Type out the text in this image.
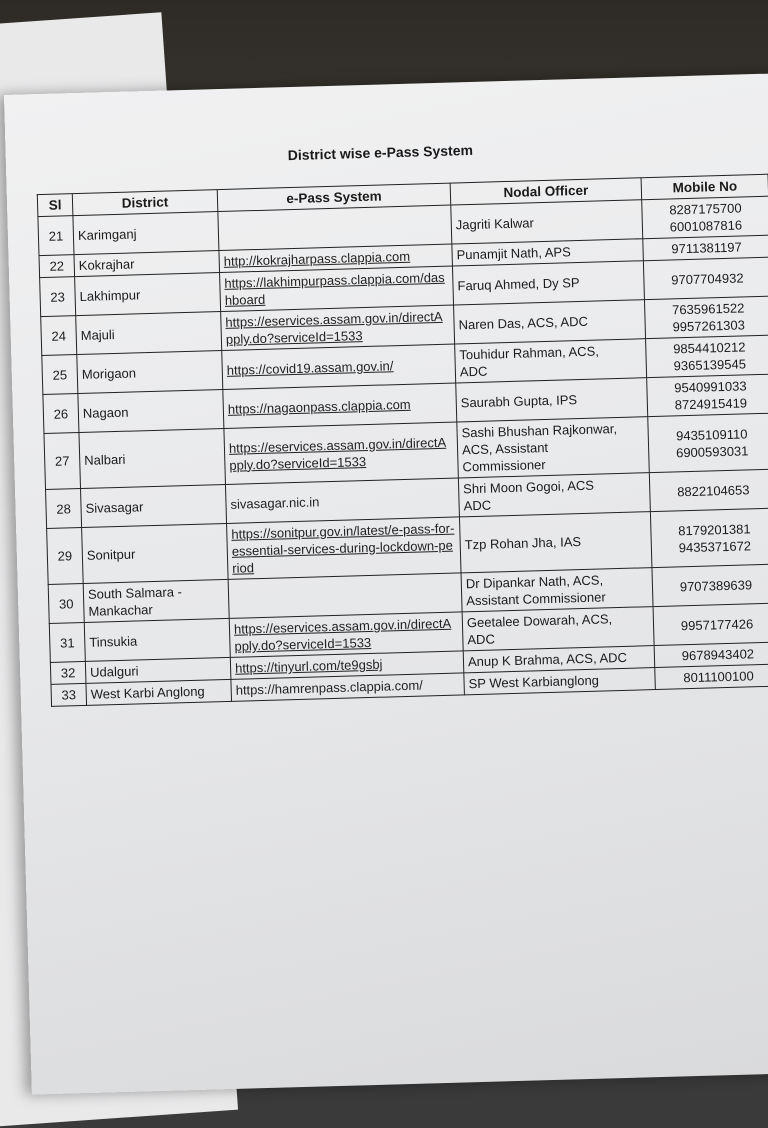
District wise e-Pass System
Sl	District	e-Pass System	Nodal Officer	Mobile No
21	Karimganj		Jagriti Kalwar	8287175700
6001087816

22	Kokrajhar	http://kokrajharpass.clappia.com	Punamjit Nath, APS	9711381197

23	Lakhimpur	https://lakhimpurpass.clappia.com/dashboard	Faruq Ahmed, Dy SP	9707704932

24	Majuli	https://eservices.assam.gov.in/directApply.do?serviceId=1533	Naren Das, ACS, ADC	7635961522
9957261303

25	Morigaon	https://covid19.assam.gov.in/	Touhidur Rahman, ACS,
ADC	9854410212
9365139545

26	Nagaon	https://nagaonpass.clappia.com	Saurabh Gupta, IPS	9540991033
8724915419

27	Nalbari	https://eservices.assam.gov.in/directApply.do?serviceId=1533	Sashi Bhushan Rajkonwar,
ACS, Assistant
Commissioner	9435109110
6900593031

28	Sivasagar	sivasagar.nic.in	Shri Moon Gogoi, ACS
ADC	8822104653

29	Sonitpur	https://sonitpur.gov.in/latest/e-pass-for-essential-services-during-lockdown-period	Tzp Rohan Jha, IAS	8179201381
9435371672

30	South Salmara - Mankachar		Dr Dipankar Nath, ACS,
Assistant Commissioner	9707389639

31	Tinsukia	https://eservices.assam.gov.in/directApply.do?serviceId=1533	Geetalee Dowarah, ACS,
ADC	9957177426

32	Udalguri	https://tinyurl.com/te9gsbj	Anup K Brahma, ACS, ADC	9678943402

33	West Karbi Anglong	https://hamrenpass.clappia.com/	SP West Karbianglong	8011100100
